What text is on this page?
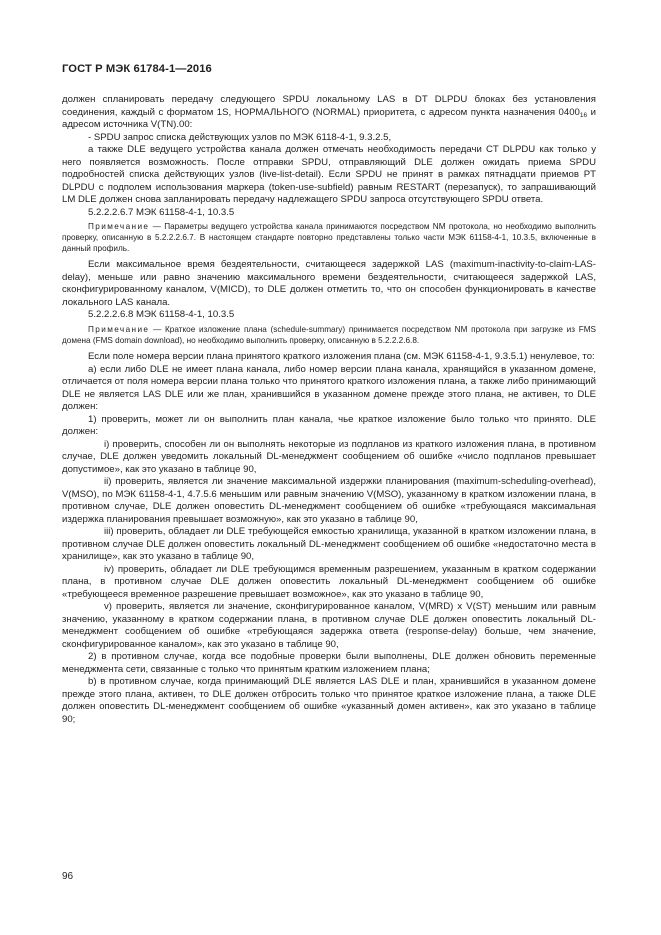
ГОСТ Р МЭК 61784-1—2016

должен спланировать передачу следующего SPDU локальному LAS в DT DLPDU блоках без установления соединения, каждый с форматом 1S, НОРМАЛЬНОГО (NORMAL) приоритета, с адресом пункта назначения $0400_{16}$ и адресом источника V(TN).00:

- SPDU запрос списка действующих узлов по МЭК 6118-4-1, 9.3.2.5,

а также DLE ведущего устройства канала должен отмечать необходимость передачи CT DLPDU как только у него появляется возможность. После отправки SPDU, отправляющий DLE должен ожидать приема SPDU подробностей списка действующих узлов (live-list-detail). Если SPDU не принят в рамках пятнадцати приемов PT DLPDU с подполем использования маркера (token-use-subfield) равным RESTART (перезапуск), то запрашивающий LM DLE должен снова запланировать передачу надлежащего SPDU запроса отсутствующего SPDU ответа.

5.2.2.2.6.7 МЭК 61158-4-1, 10.3.5

Примечание — Параметры ведущего устройства канала принимаются посредством NM протокола, но необходимо выполнить проверку, описанную в 5.2.2.2.6.7. В настоящем стандарте повторно представлены только части МЭК 61158-4-1, 10.3.5, включенные в данный профиль.

Если максимальное время бездеятельности, считающееся задержкой LAS (maximum-inactivity-to-claim-LAS-delay), меньше или равно значению максимального времени бездеятельности, считающееся задержкой LAS, сконфигурированному каналом, V(MICD), то DLE должен отметить то, что он способен функционировать в качестве локального LAS канала.

5.2.2.2.6.8 МЭК 61158-4-1, 10.3.5

Примечание — Краткое изложение плана (schedule-summary) принимается посредством NM протокола при загрузке из FMS домена (FMS domain download), но необходимо выполнить проверку, описанную в 5.2.2.2.6.8.

Если поле номера версии плана принятого краткого изложения плана (см. МЭК 61158-4-1, 9.3.5.1) ненулевое, то:

а) если либо DLE не имеет плана канала, либо номер версии плана канала, хранящийся в указанном домене, отличается от поля номера версии плана только что принятого краткого изложения плана, а также либо принимающий DLE не является LAS DLE или же план, хранившийся в указанном домене прежде этого плана, не активен, то DLE должен:

1) проверить, может ли он выполнить план канала, чье краткое изложение было только что принято. DLE должен:

i) проверить, способен ли он выполнять некоторые из подпланов из краткого изложения плана, в противном случае, DLE должен уведомить локальный DL-менеджмент сообщением об ошибке «число подпланов превышает допустимое», как это указано в таблице 90,

ii) проверить, является ли значение максимальной издержки планирования (maximum-scheduling-overhead), V(MSO), по МЭК 61158-4-1, 4.7.5.6 меньшим или равным значению V(MSO), указанному в кратком изложении плана, в противном случае, DLE должен оповестить DL-менеджмент сообщением об ошибке «требующаяся максимальная издержка планирования превышает возможную», как это указано в таблице 90,

iii) проверить, обладает ли DLE требующейся емкостью хранилища, указанной в кратком изложении плана, в противном случае DLE должен оповестить локальный DL-менеджмент сообщением об ошибке «недостаточно места в хранилище», как это указано в таблице 90,

iv) проверить, обладает ли DLE требующимся временным разрешением, указанным в кратком содержании плана, в противном случае DLE должен оповестить локальный DL-менеджмент сообщением об ошибке «требующееся временное разрешение превышает возможное», как это указано в таблице 90,

v) проверить, является ли значение, сконфигурированное каналом, V(MRD) x V(ST) меньшим или равным значению, указанному в кратком содержании плана, в противном случае DLE должен оповестить локальный DL-менеджмент сообщением об ошибке «требующаяся задержка ответа (response-delay) больше, чем значение, сконфигурированное каналом», как это указано в таблице 90,

2) в противном случае, когда все подобные проверки были выполнены, DLE должен обновить переменные менеджмента сети, связанные с только что принятым кратким изложением плана;

b) в противном случае, когда принимающий DLE является LAS DLE и план, хранившийся в указанном домене прежде этого плана, активен, то DLE должен отбросить только что принятое краткое изложение плана, а также DLE должен оповестить DL-менеджмент сообщением об ошибке «указанный домен активен», как это указано в таблице 90;

96
